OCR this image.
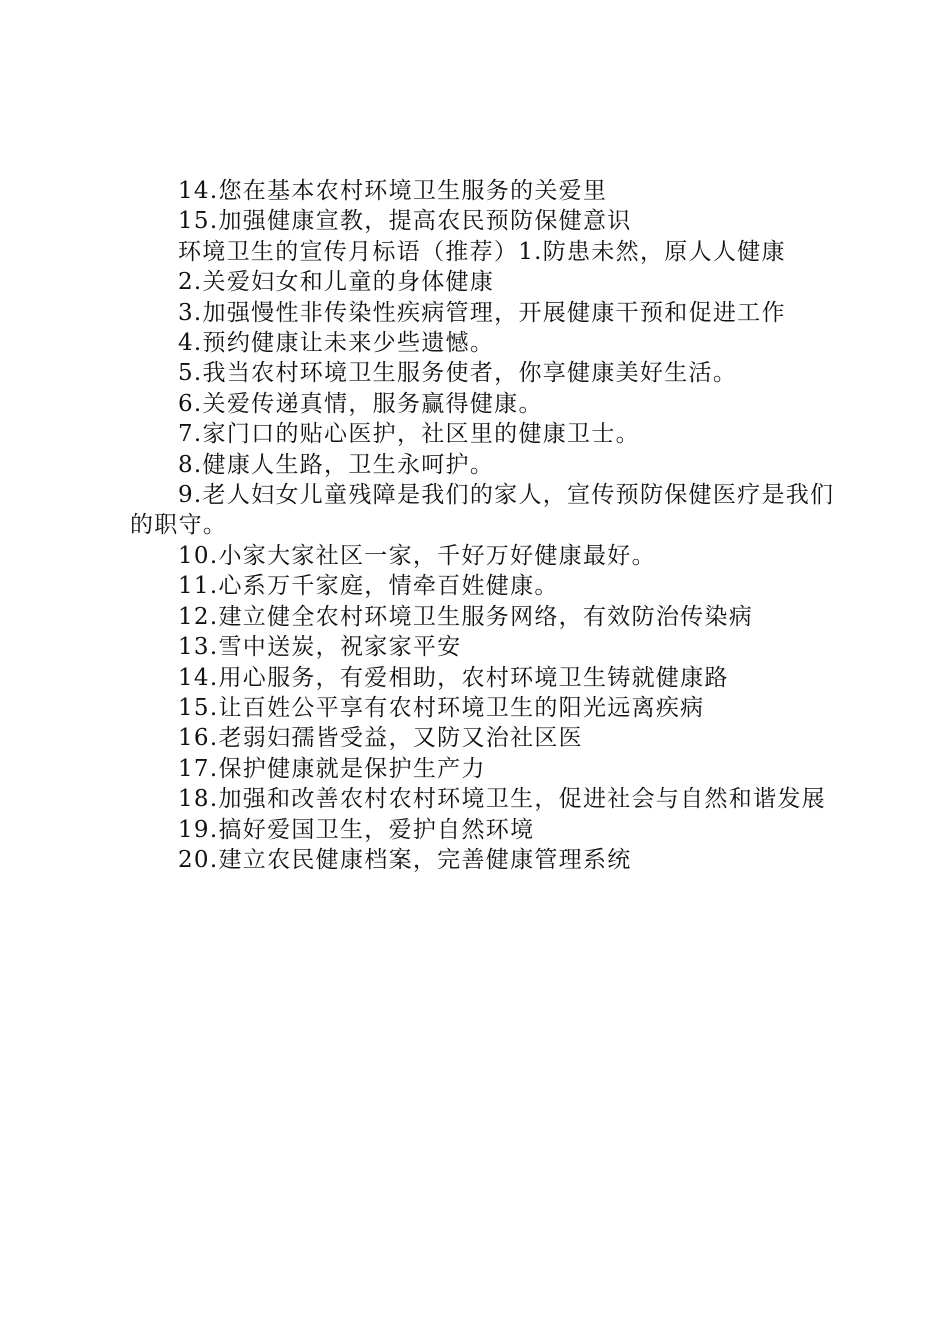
14.您在基本农村环境卫生服务的关爱里
15.加强健康宣教，提高农民预防保健意识
环境卫生的宣传月标语（推荐）1.防患未然，原人人健康
2.关爱妇女和儿童的身体健康
3.加强慢性非传染性疾病管理，开展健康干预和促进工作
4.预约健康让未来少些遗憾。
5.我当农村环境卫生服务使者，你享健康美好生活。
6.关爱传递真情，服务赢得健康。
7.家门口的贴心医护，社区里的健康卫士。
8.健康人生路，卫生永呵护。
9.老人妇女儿童残障是我们的家人，宣传预防保健医疗是我们的职守。
10.小家大家社区一家，千好万好健康最好。
11.心系万千家庭，情牵百姓健康。
12.建立健全农村环境卫生服务网络，有效防治传染病
13.雪中送炭，祝家家平安
14.用心服务，有爱相助，农村环境卫生铸就健康路
15.让百姓公平享有农村环境卫生的阳光远离疾病
16.老弱妇孺皆受益，又防又治社区医
17.保护健康就是保护生产力
18.加强和改善农村农村环境卫生，促进社会与自然和谐发展
19.搞好爱国卫生，爱护自然环境
20.建立农民健康档案，完善健康管理系统
